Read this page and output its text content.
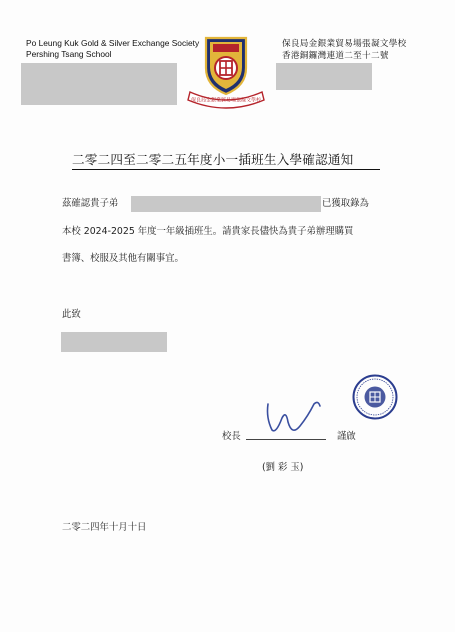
Po Leung Kuk Gold & Silver Exchange Society
Pershing Tsang School
保良局金銀業貿易場張凝文學校
保良局金銀業貿易場張凝文學校
香港銅鑼灣連道二至十二號
二零二四至二零二五年度小一插班生入學確認通知
茲確認貴子弟	已獲取錄為
本校 2024-2025 年度一年級插班生。請貴家長儘快為貴子弟辦理購買
書簿、校服及其他有關事宜。
此致
校長	謹啟
(劉 彩 玉)
二零二四年十月十日
